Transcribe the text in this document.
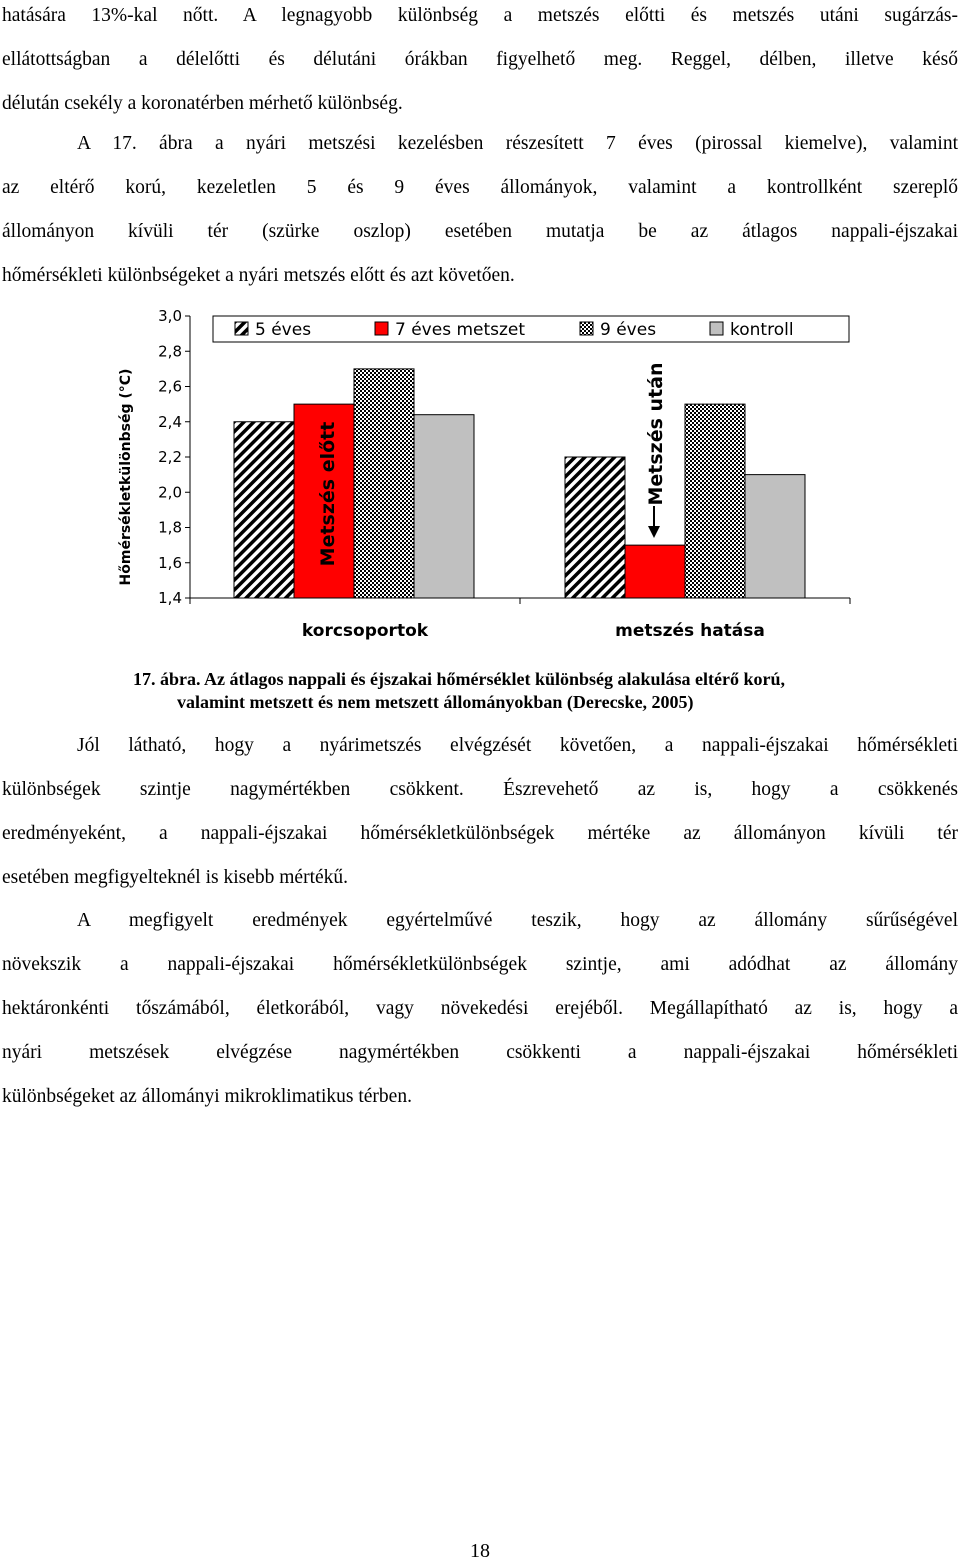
hatására 13%-kal nőtt. A legnagyobb különbség a metszés előtti és metszés utáni sugárzás-
ellátottságban a délelőtti és délutáni órákban figyelhető meg. Reggel, délben, illetve késő
délután csekély a koronatérben mérhető különbség.
A 17. ábra a nyári metszési kezelésben részesített 7 éves (pirossal kiemelve), valamint
az eltérő korú, kezeletlen 5 és 9 éves állományok, valamint a kontrollként szereplő
állományon kívüli tér (szürke oszlop) esetében mutatja be az átlagos nappali-éjszakai
hőmérsékleti különbségeket a nyári metszés előtt és azt követően.
1,4
1,6
1,8
2,0
2,2
2,4
2,6
2,8
3,0
Hőmérsékletkülönbség (°C)
5 éves	7 éves metszet	9 éves	kontroll
korcsoportok	metszés hatása
Metszés előtt	Metszés után
17. ábra. Az átlagos nappali és éjszakai hőmérséklet különbség alakulása eltérő korú,
valamint metszett és nem metszett állományokban (Derecske, 2005)
Jól látható, hogy a nyárimetszés elvégzését követően, a nappali-éjszakai hőmérsékleti
különbségek szintje nagymértékben csökkent. Észrevehető az is, hogy a csökkenés
eredményeként, a nappali-éjszakai hőmérsékletkülönbségek mértéke az állományon kívüli tér
esetében megfigyelteknél is kisebb mértékű.
A megfigyelt eredmények egyértelművé teszik, hogy az állomány sűrűségével
növekszik a nappali-éjszakai hőmérsékletkülönbségek szintje, ami adódhat az állomány
hektáronkénti tőszámából, életkorából, vagy növekedési erejéből. Megállapítható az is, hogy a
nyári metszések elvégzése nagymértékben csökkenti a nappali-éjszakai hőmérsékleti
különbségeket az állományi mikroklimatikus térben.
18
